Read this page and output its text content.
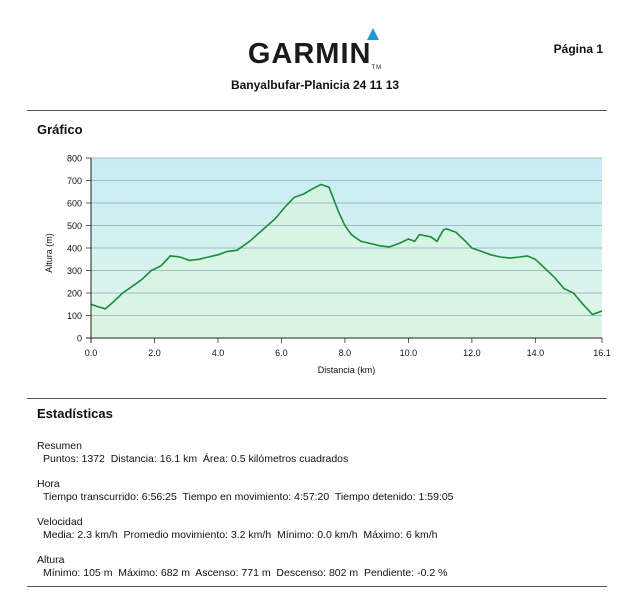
GARMINTM
Banyalbufar-Planicia 24 11 13
Página 1
Gráfico
0
100
200
300
400
500
600
700
800
0.0	2.0	4.0	6.0	8.0	10.0	12.0	14.0	16.1
Distancia (km)
Altura (m)
Estadísticas
Resumen
Puntos: 1372  Distancia: 16.1 km  Área: 0.5 kilómetros cuadrados
Hora
Tiempo transcurrido: 6:56:25  Tiempo en movimiento: 4:57:20  Tiempo detenido: 1:59:05
Velocidad
Media: 2.3 km/h  Promedio movimiento: 3.2 km/h  Mínimo: 0.0 km/h  Máximo: 6 km/h
Altura
Mínimo: 105 m  Máximo: 682 m  Ascenso: 771 m  Descenso: 802 m  Pendiente: -0.2 %
